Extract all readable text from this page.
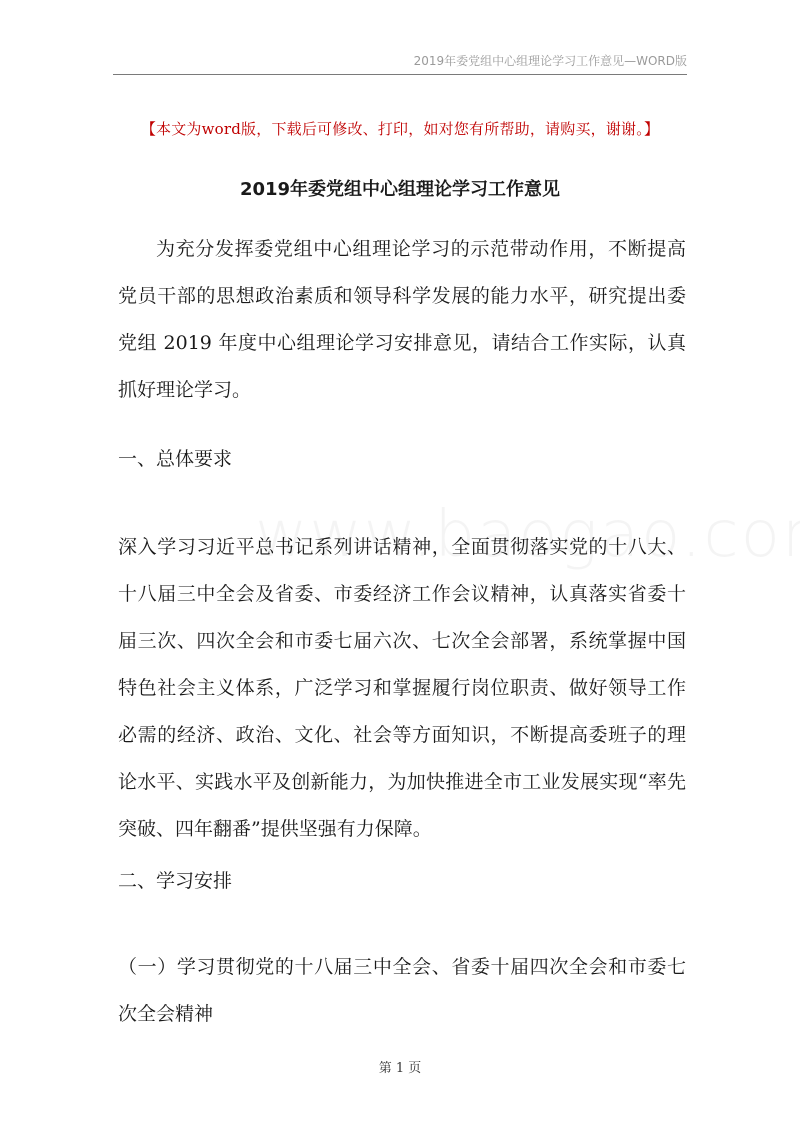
2019年委党组中心组理论学习工作意见—WORD版
【本文为word版，下载后可修改、打印，如对您有所帮助，请购买，谢谢。】
2019年委党组中心组理论学习工作意见

为充分发挥委党组中心组理论学习的示范带动作用，不断提高党员干部的思想政治素质和领导科学发展的能力水平，研究提出委党组 2019 年度中心组理论学习安排意见，请结合工作实际，认真抓好理论学习。

一、总体要求

深入学习习近平总书记系列讲话精神，全面贯彻落实党的十八大、十八届三中全会及省委、市委经济工作会议精神，认真落实省委十届三次、四次全会和市委七届六次、七次全会部署，系统掌握中国特色社会主义体系，广泛学习和掌握履行岗位职责、做好领导工作必需的经济、政治、文化、社会等方面知识，不断提高委班子的理论水平、实践水平及创新能力，为加快推进全市工业发展实现“率先突破、四年翻番”提供坚强有力保障。

二、学习安排

（一）学习贯彻党的十八届三中全会、省委十届四次全会和市委七次全会精神

第 1 页
